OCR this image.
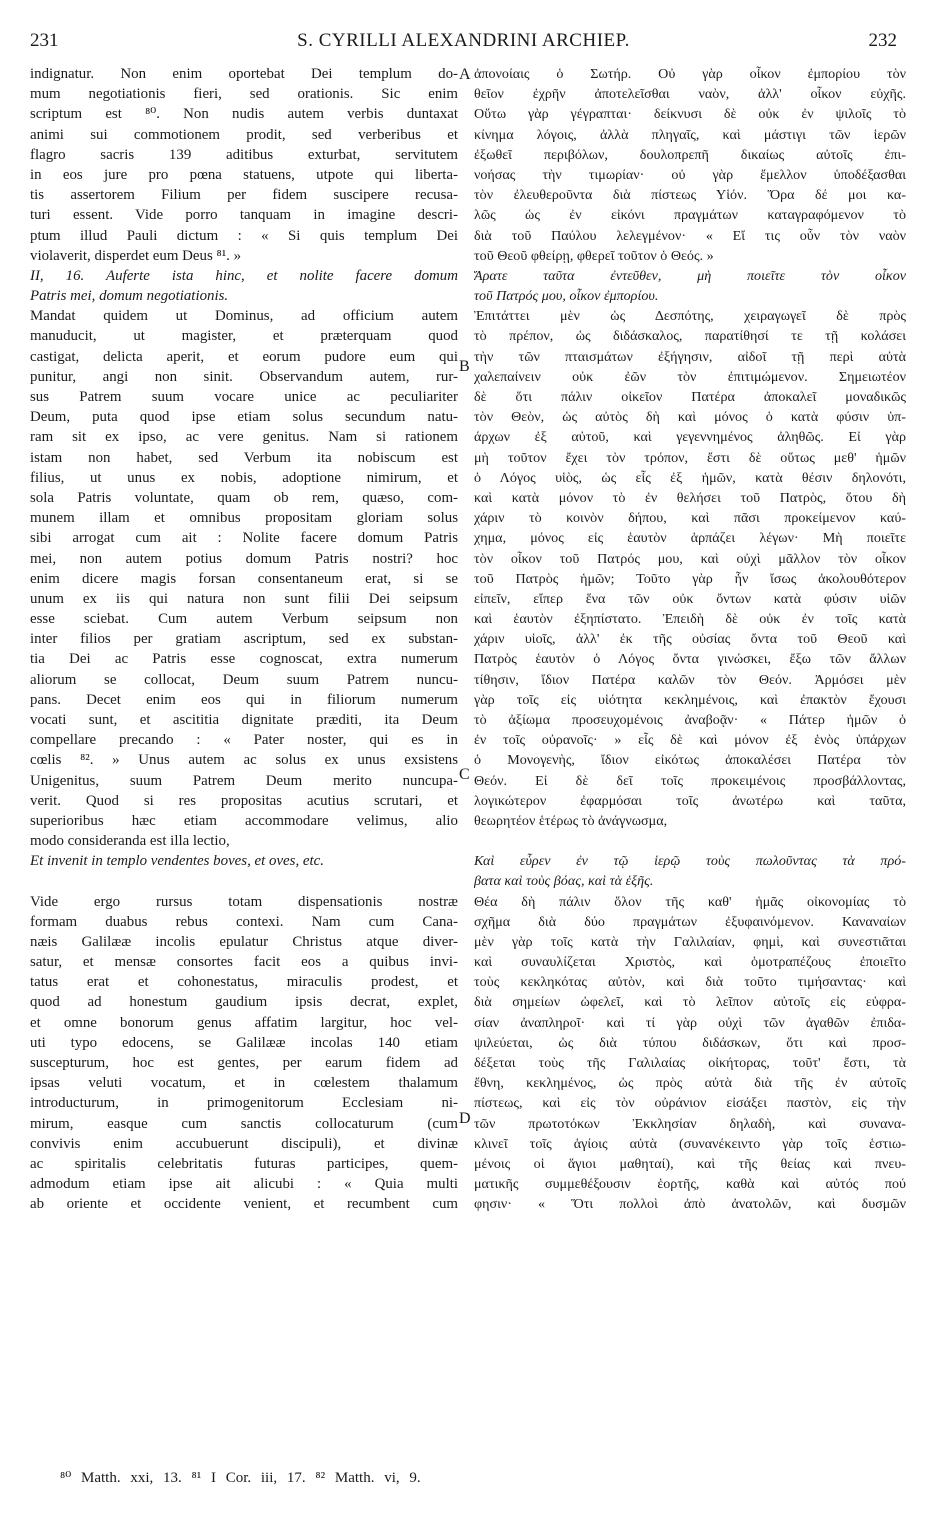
231	S. CYRILLI ALEXANDRINI ARCHIEP.	232
indignatur. Non enim oportebat Dei templum do-
mum negotiationis fieri, sed orationis. Sic enim
scriptum est ⁸⁰. Non nudis autem verbis duntaxat
animi sui commotionem prodit, sed verberibus et
flagro sacris 139 aditibus exturbat, servitutem
in eos jure pro pœna statuens, utpote qui liberta-
tis assertorem Filium per fidem suscipere recusa-
turi essent. Vide porro tanquam in imagine descri-
ptum illud Pauli dictum : « Si quis templum Dei
violaverit, disperdet eum Deus ⁸¹. »
II, 16. Auferte ista hinc, et nolite facere domum
Patris mei, domum negotiationis.
Mandat quidem ut Dominus, ad officium autem
manuducit, ut magister, et præterquam quod
castigat, delicta aperit, et eorum pudore eum qui
punitur, angi non sinit. Observandum autem, rur-
sus Patrem suum vocare unice ac peculiariter
Deum, puta quod ipse etiam solus secundum natu-
ram sit ex ipso, ac vere genitus. Nam si rationem
istam non habet, sed Verbum ita nobiscum est
filius, ut unus ex nobis, adoptione nimirum, et
sola Patris voluntate, quam ob rem, quæso, com-
munem illam et omnibus propositam gloriam solus
sibi arrogat cum ait : Nolite facere domum Patris
mei, non autem potius domum Patris nostri? hoc
enim dicere magis forsan consentaneum erat, si se
unum ex iis qui natura non sunt filii Dei seipsum
esse sciebat. Cum autem Verbum seipsum non
inter filios per gratiam ascriptum, sed ex substan-
tia Dei ac Patris esse cognoscat, extra numerum
aliorum se collocat, Deum suum Patrem nuncu-
pans. Decet enim eos qui in filiorum numerum
vocati sunt, et ascititia dignitate præditi, ita Deum
compellare precando : « Pater noster, qui es in
cœlis ⁸². » Unus autem ac solus ex unus exsistens
Unigenitus, suum Patrem Deum merito nuncupa-
verit. Quod si res propositas acutius scrutari, et
superioribus hæc etiam accommodare velimus, alio
modo consideranda est illa lectio,
Et invenit in templo vendentes boves, et oves, etc.
Vide ergo rursus totam dispensationis nostræ
formam duabus rebus contexi. Nam cum Cana-
næis Galilææ incolis epulatur Christus atque diver-
satur, et mensæ consortes facit eos a quibus invi-
tatus erat et cohonestatus, miraculis prodest, et
quod ad honestum gaudium ipsis decrat, explet,
et omne bonorum genus affatim largitur, hoc vel-
uti typo edocens, se Galilææ incolas 140 etiam
suscepturum, hoc est gentes, per earum fidem ad
ipsas veluti vocatum, et in cœlestem thalamum
introducturum, in primogenitorum Ecclesiam ni-
mirum, easque cum sanctis collocaturum (cum
convivis enim accubuerunt discipuli), et divinæ
ac spiritalis celebritatis futuras participes, quem-
admodum etiam ipse ait alicubi : « Quia multi
ab oriente et occidente venient, et recumbent cum
ἀπονοίαις ὁ Σωτήρ. Οὐ γὰρ οἶκον ἐμπορίου τὸν
θεῖον ἐχρῆν ἀποτελεῖσθαι ναὸν, ἀλλ' οἶκον εὐχῆς.
Οὕτω γὰρ γέγραπται· δείκνυσι δὲ οὐκ ἐν ψιλοῖς τὸ
κίνημα λόγοις, ἀλλὰ πληγαῖς, καὶ μάστιγι τῶν ἱερῶν
ἐξωθεῖ περιβόλων, δουλοπρεπῆ δικαίως αὐτοῖς ἐπι-
νοήσας τὴν τιμωρίαν· οὐ γὰρ ἔμελλον ὑποδέξασθαι
τὸν ἐλευθεροῦντα διὰ πίστεως Υἱόν. Ὅρα δέ μοι κα-
λῶς ὡς ἐν εἰκόνι πραγμάτων καταγραφόμενον τὸ
διὰ τοῦ Παύλου λελεγμένον· « Εἴ τις οὖν τὸν ναὸν
τοῦ Θεοῦ φθείρῃ, φθερεῖ τοῦτον ὁ Θεός. »
Ἄρατε ταῦτα ἐντεῦθεν, μὴ ποιεῖτε τὸν οἶκον
τοῦ Πατρός μου, οἶκον ἐμπορίου.
Ἐπιτάττει μὲν ὡς Δεσπότης, χειραγωγεῖ δὲ πρὸς
τὸ πρέπον, ὡς διδάσκαλος, παρατίθησί τε τῇ κολάσει
τὴν τῶν πταισμάτων ἐξήγησιν, αἰδοῖ τῇ περὶ αὐτὰ
χαλεπαίνειν οὐκ ἐῶν τὸν ἐπιτιμώμενον. Σημειωτέον
δὲ ὅτι πάλιν οἰκεῖον Πατέρα ἀποκαλεῖ μοναδικῶς
τὸν Θεὸν, ὡς αὐτὸς δὴ καὶ μόνος ὁ κατὰ φύσιν ὑπ-
άρχων ἐξ αὐτοῦ, καὶ γεγεννημένος ἀληθῶς. Εἰ γὰρ
μὴ τοῦτον ἔχει τὸν τρόπον, ἔστι δὲ οὕτως μεθ' ἡμῶν
ὁ Λόγος υἱὸς, ὡς εἷς ἐξ ἡμῶν, κατὰ θέσιν δηλονότι,
καὶ κατὰ μόνον τὸ ἐν θελήσει τοῦ Πατρὸς, ὅτου δὴ
χάριν τὸ κοινὸν δήπου, καὶ πᾶσι προκείμενον καύ-
χημα, μόνος εἰς ἑαυτὸν ἁρπάζει λέγων· Μὴ ποιεῖτε
τὸν οἶκον τοῦ Πατρός μου, καὶ οὐχὶ μᾶλλον τὸν οἶκον
τοῦ Πατρὸς ἡμῶν; Τοῦτο γὰρ ἦν ἴσως ἀκολουθότερον
εἰπεῖν, εἴπερ ἕνα τῶν οὐκ ὄντων κατὰ φύσιν υἱῶν
καὶ ἑαυτὸν ἐξηπίστατο. Ἐπειδὴ δὲ οὐκ ἐν τοῖς κατὰ
χάριν υἱοῖς, ἀλλ' ἐκ τῆς οὐσίας ὄντα τοῦ Θεοῦ καὶ
Πατρὸς ἑαυτὸν ὁ Λόγος ὄντα γινώσκει, ἔξω τῶν ἄλλων
τίθησιν, ἴδιον Πατέρα καλῶν τὸν Θεόν. Ἁρμόσει μὲν
γὰρ τοῖς εἰς υἱότητα κεκλημένοις, καὶ ἐπακτὸν ἔχουσι
τὸ ἀξίωμα προσευχομένοις ἀναβοᾷν· « Πάτερ ἡμῶν ὁ
ἐν τοῖς οὐρανοῖς· » εἷς δὲ καὶ μόνον ἐξ ἑνὸς ὑπάρχων
ὁ Μονογενὴς, ἴδιον εἰκότως ἀποκαλέσει Πατέρα τὸν
Θεόν. Εἰ δὲ δεῖ τοῖς προκειμένοις προσβάλλοντας,
λογικώτερον ἐφαρμόσαι τοῖς ἀνωτέρω καὶ ταῦτα,
θεωρητέον ἑτέρως τὸ ἀνάγνωσμα,
Καὶ εὗρεν ἐν τῷ ἱερῷ τοὺς πωλοῦντας τὰ πρό-
βατα καὶ τοὺς βόας, καὶ τὰ ἑξῆς.
Θέα δὴ πάλιν ὅλον τῆς καθ' ἡμᾶς οἰκονομίας τὸ
σχῆμα διὰ δύο πραγμάτων ἐξυφαινόμενον. Καναναίων
μὲν γὰρ τοῖς κατὰ τὴν Γαλιλαίαν, φημὶ, καὶ συνεστιᾶται
καὶ συναυλίζεται Χριστὸς, καὶ ὁμοτραπέζους ἐποιεῖτο
τοὺς κεκληκότας αὐτὸν, καὶ διὰ τοῦτο τιμήσαντας· καὶ
διὰ σημείων ὠφελεῖ, καὶ τὸ λεῖπον αὐτοῖς εἰς εὐφρα-
σίαν ἀναπληροῖ· καὶ τί γὰρ οὐχὶ τῶν ἀγαθῶν ἐπιδα-
ψιλεύεται, ὡς διὰ τύπου διδάσκων, ὅτι καὶ προσ-
δέξεται τοὺς τῆς Γαλιλαίας οἰκήτορας, τοῦτ' ἔστι, τὰ
ἔθνη, κεκλημένος, ὡς πρὸς αὐτὰ διὰ τῆς ἐν αὐτοῖς
πίστεως, καὶ εἰς τὸν οὐράνιον εἰσάξει παστὸν, εἰς τὴν
τῶν πρωτοτόκων Ἐκκλησίαν δηλαδὴ, καὶ συνανα-
κλινεῖ τοῖς ἁγίοις αὐτὰ (συνανέκειντο γὰρ τοῖς ἑστιω-
μένοις οἱ ἅγιοι μαθηταί), καὶ τῆς θείας καὶ πνευ-
ματικῆς συμμεθέξουσιν ἑορτῆς, καθὰ καὶ αὐτός πού
φησιν· « Ὅτι πολλοὶ ἀπὸ ἀνατολῶν, καὶ δυσμῶν
A
B
C
D
⁸⁰ Matth. xxi, 13. ⁸¹ I Cor. iii, 17. ⁸² Matth. vi, 9.
